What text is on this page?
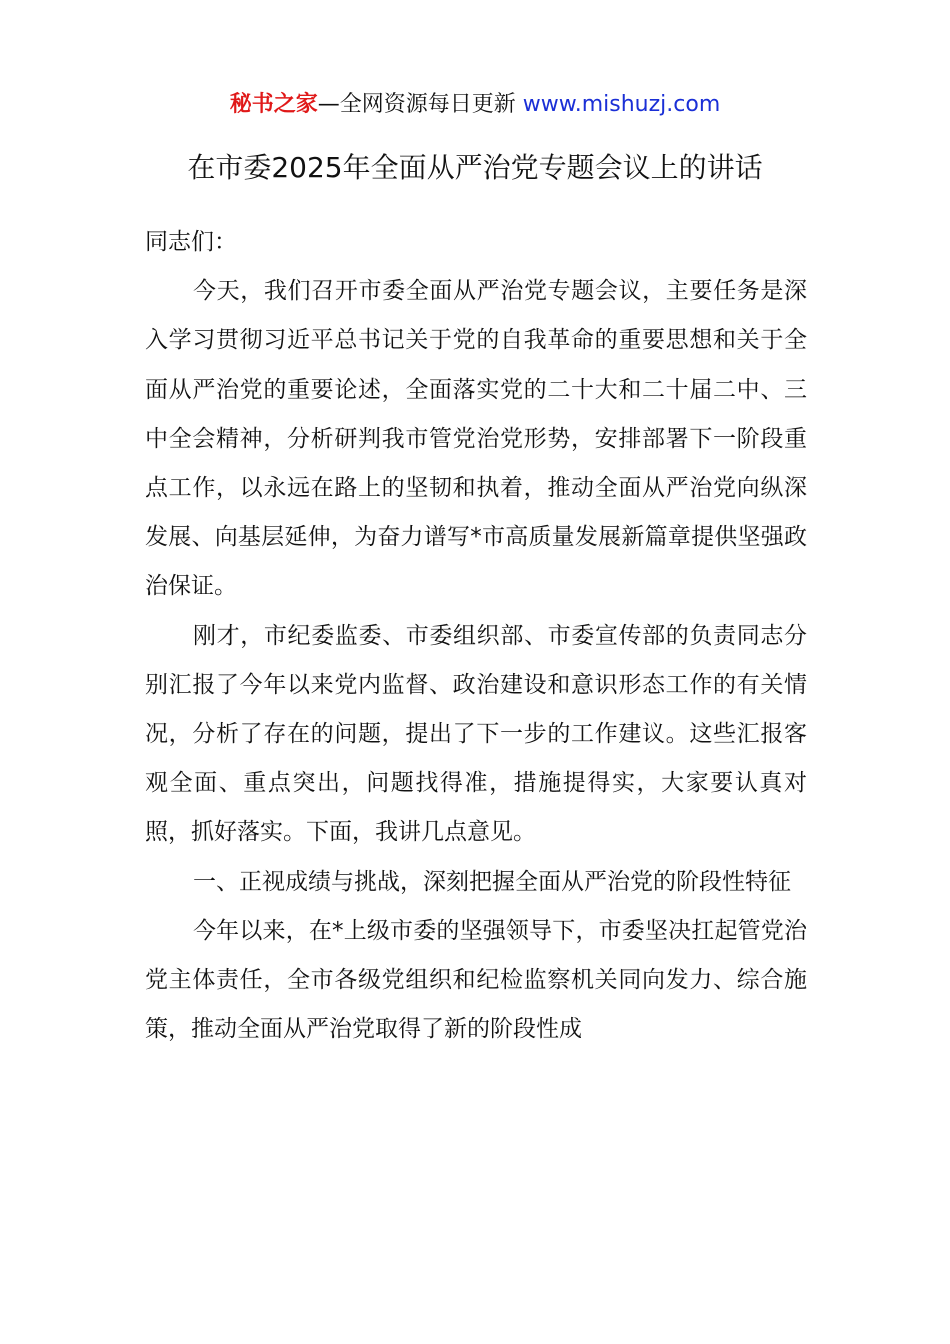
秘书之家—全网资源每日更新 www.mishuzj.com
在市委2025年全面从严治党专题会议上的讲话

同志们：

今天，我们召开市委全面从严治党专题会议，主要任务是深入学习贯彻习近平总书记关于党的自我革命的重要思想和关于全面从严治党的重要论述，全面落实党的二十大和二十届二中、三中全会精神，分析研判我市管党治党形势，安排部署下一阶段重点工作，以永远在路上的坚韧和执着，推动全面从严治党向纵深发展、向基层延伸，为奋力谱写*市高质量发展新篇章提供坚强政治保证。

刚才，市纪委监委、市委组织部、市委宣传部的负责同志分别汇报了今年以来党内监督、政治建设和意识形态工作的有关情况，分析了存在的问题，提出了下一步的工作建议。这些汇报客观全面、重点突出，问题找得准，措施提得实，大家要认真对照，抓好落实。下面，我讲几点意见。

一、正视成绩与挑战，深刻把握全面从严治党的阶段性特征

今年以来，在*上级市委的坚强领导下，市委坚决扛起管党治党主体责任，全市各级党组织和纪检监察机关同向发力、综合施策，推动全面从严治党取得了新的阶段性成
